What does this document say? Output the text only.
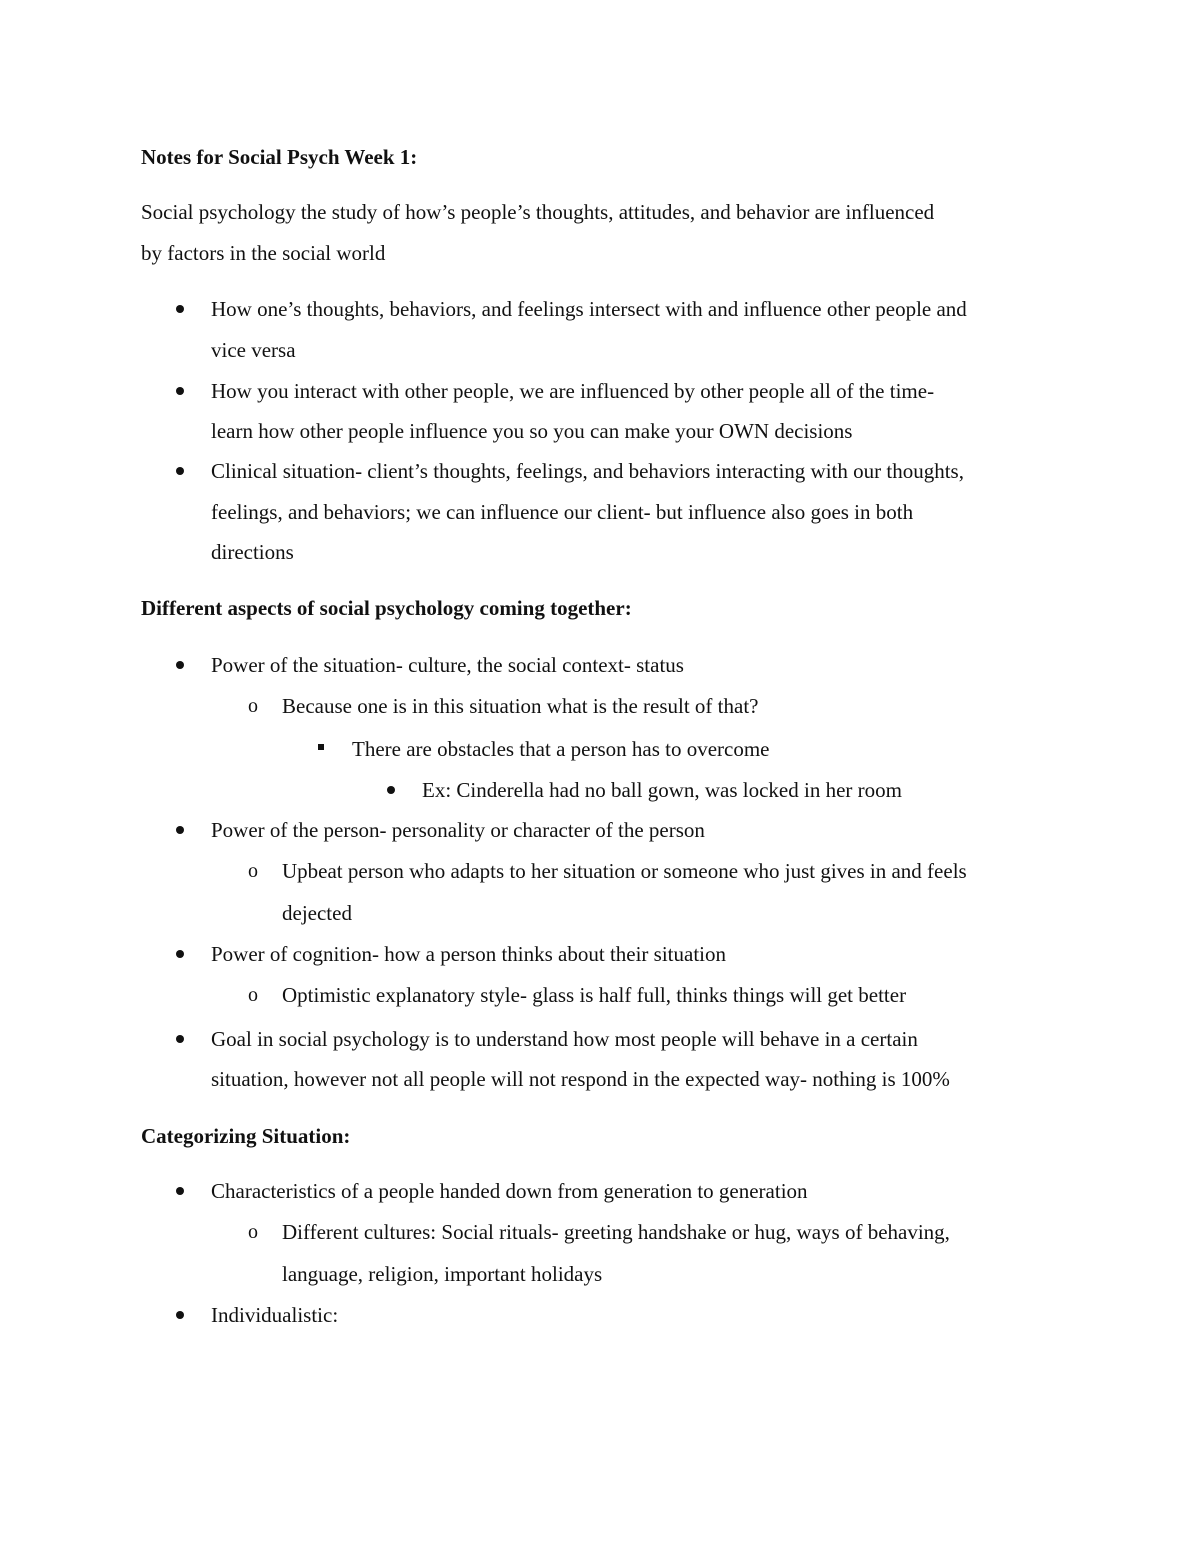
Notes for Social Psych Week 1:
Social psychology the study of how’s people’s thoughts, attitudes, and behavior are influenced
by factors in the social world
How one’s thoughts, behaviors, and feelings intersect with and influence other people and
vice versa
How you interact with other people, we are influenced by other people all of the time-
learn how other people influence you so you can make your OWN decisions
Clinical situation- client’s thoughts, feelings, and behaviors interacting with our thoughts,
feelings, and behaviors; we can influence our client- but influence also goes in both
directions
Different aspects of social psychology coming together:
Power of the situation- culture, the social context- status
o Because one is in this situation what is the result of that?
There are obstacles that a person has to overcome
Ex: Cinderella had no ball gown, was locked in her room
Power of the person- personality or character of the person
o Upbeat person who adapts to her situation or someone who just gives in and feels
dejected
Power of cognition- how a person thinks about their situation
o Optimistic explanatory style- glass is half full, thinks things will get better
Goal in social psychology is to understand how most people will behave in a certain
situation, however not all people will not respond in the expected way- nothing is 100%
Categorizing Situation:
Characteristics of a people handed down from generation to generation
o Different cultures: Social rituals- greeting handshake or hug, ways of behaving,
language, religion, important holidays
Individualistic:
